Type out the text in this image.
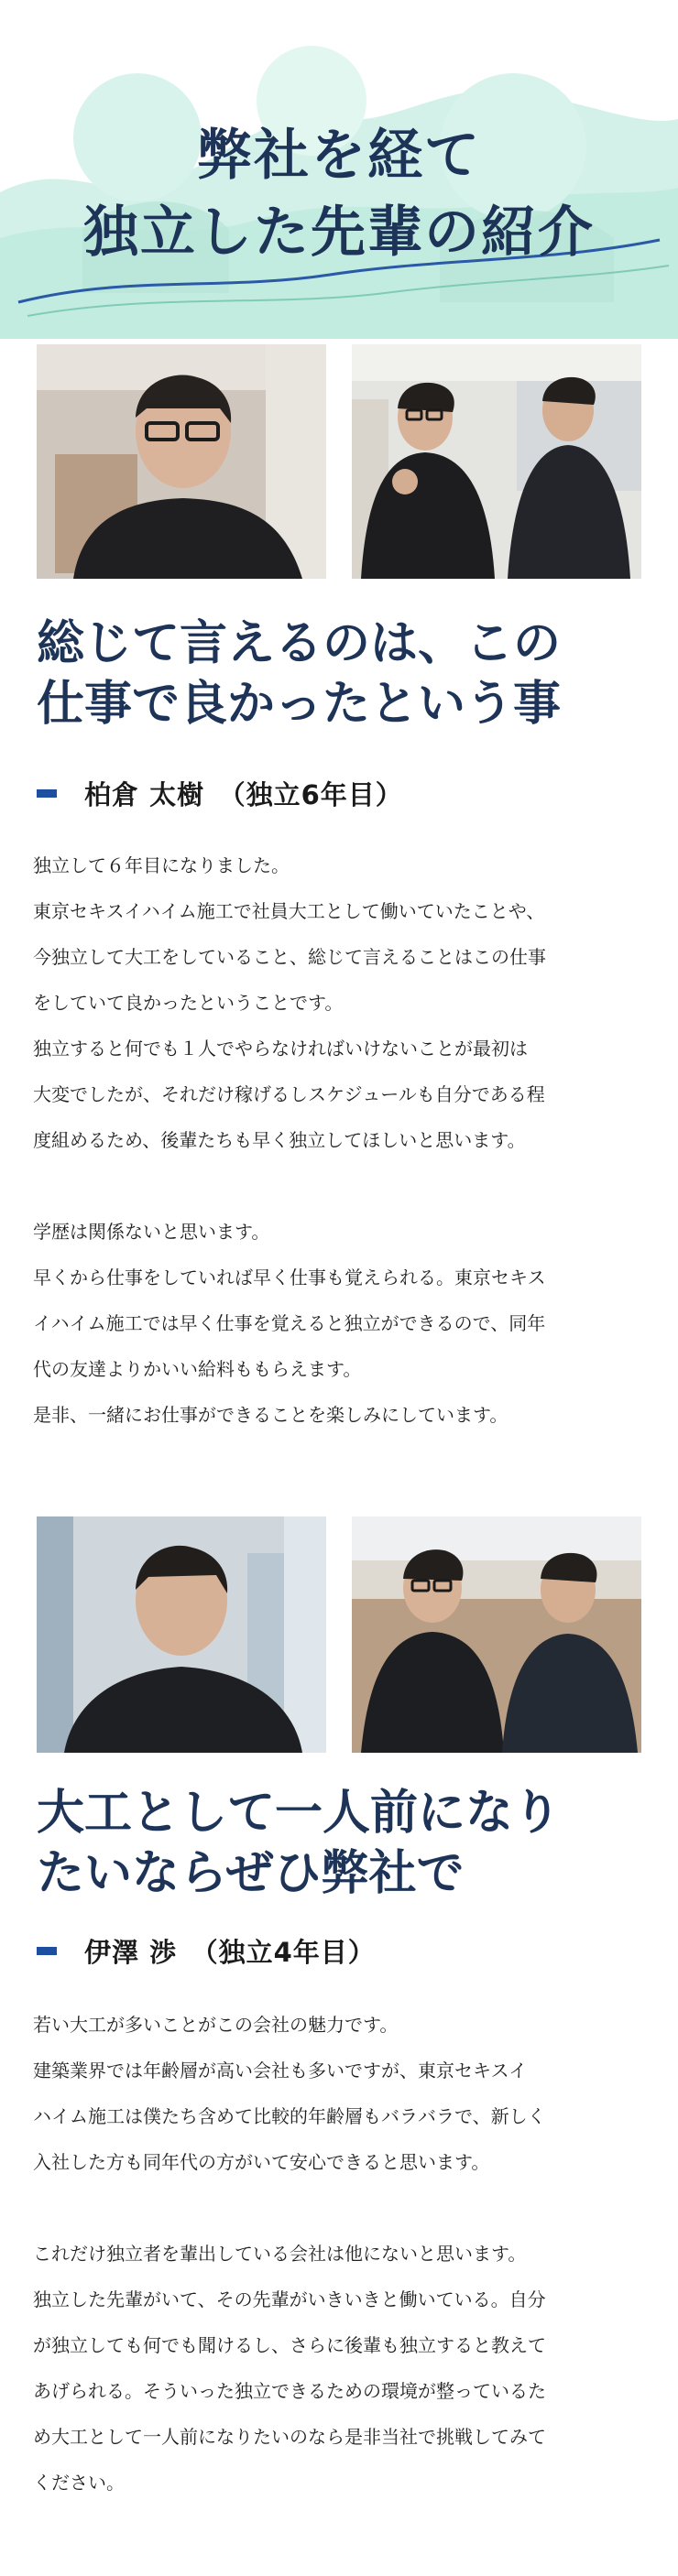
弊社を経て
独立した先輩の紹介
総じて言えるのは、この
仕事で良かったという事
柏倉 太樹　（独立6年目）

独立して６年目になりました。

東京セキスイハイム施工で社員大工として働いていたことや、

今独立して大工をしていること、総じて言えることはこの仕事

をしていて良かったということです。

独立すると何でも１人でやらなければいけないことが最初は

大変でしたが、それだけ稼げるしスケジュールも自分である程

度組めるため、後輩たちも早く独立してほしいと思います。

学歴は関係ないと思います。

早くから仕事をしていれば早く仕事も覚えられる。東京セキス

イハイム施工では早く仕事を覚えると独立ができるので、同年

代の友達よりかいい給料ももらえます。

是非、一緒にお仕事ができることを楽しみにしています。

大工として一人前になり
たいならぜひ弊社で
伊澤 渉　（独立4年目）

若い大工が多いことがこの会社の魅力です。

建築業界では年齢層が高い会社も多いですが、東京セキスイ

ハイム施工は僕たち含めて比較的年齢層もバラバラで、新しく

入社した方も同年代の方がいて安心できると思います。

これだけ独立者を輩出している会社は他にないと思います。

独立した先輩がいて、その先輩がいきいきと働いている。自分

が独立しても何でも聞けるし、さらに後輩も独立すると教えて

あげられる。そういった独立できるための環境が整っているた

め大工として一人前になりたいのなら是非当社で挑戦してみて

ください。
